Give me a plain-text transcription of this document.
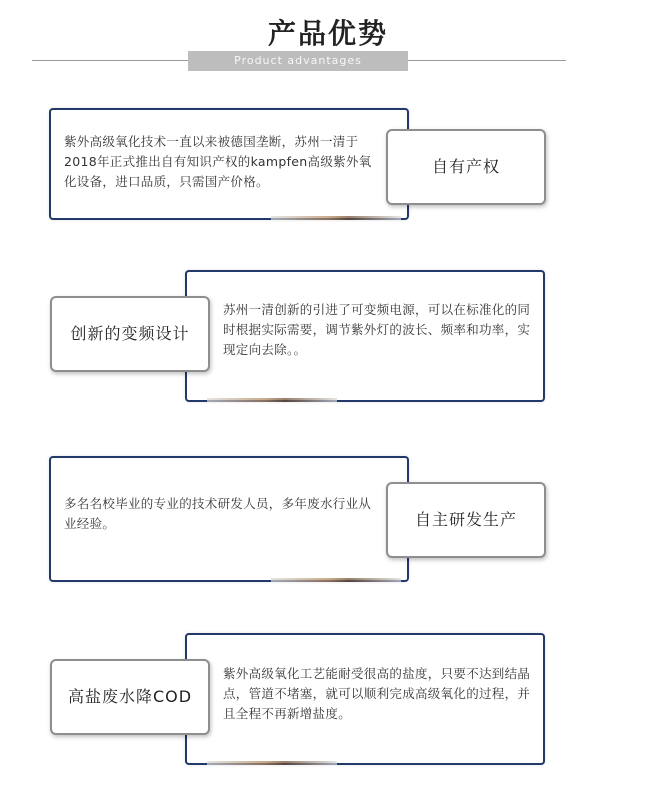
产品优势
Product advantages
紫外高级氧化技术一直以来被德国垄断，苏州一清于2018年正式推出自有知识产权的kampfen高级紫外氧化设备，进口品质，只需国产价格。
自有产权
苏州一清创新的引进了可变频电源，可以在标准化的同时根据实际需要，调节紫外灯的波长、频率和功率，实现定向去除。。
创新的变频设计
多名名校毕业的专业的技术研发人员，多年废水行业从业经验。	自主研发生产
紫外高级氧化工艺能耐受很高的盐度，只要不达到结晶点，管道不堵塞，就可以顺利完成高级氧化的过程，并且全程不再新增盐度。
高盐废水降COD
